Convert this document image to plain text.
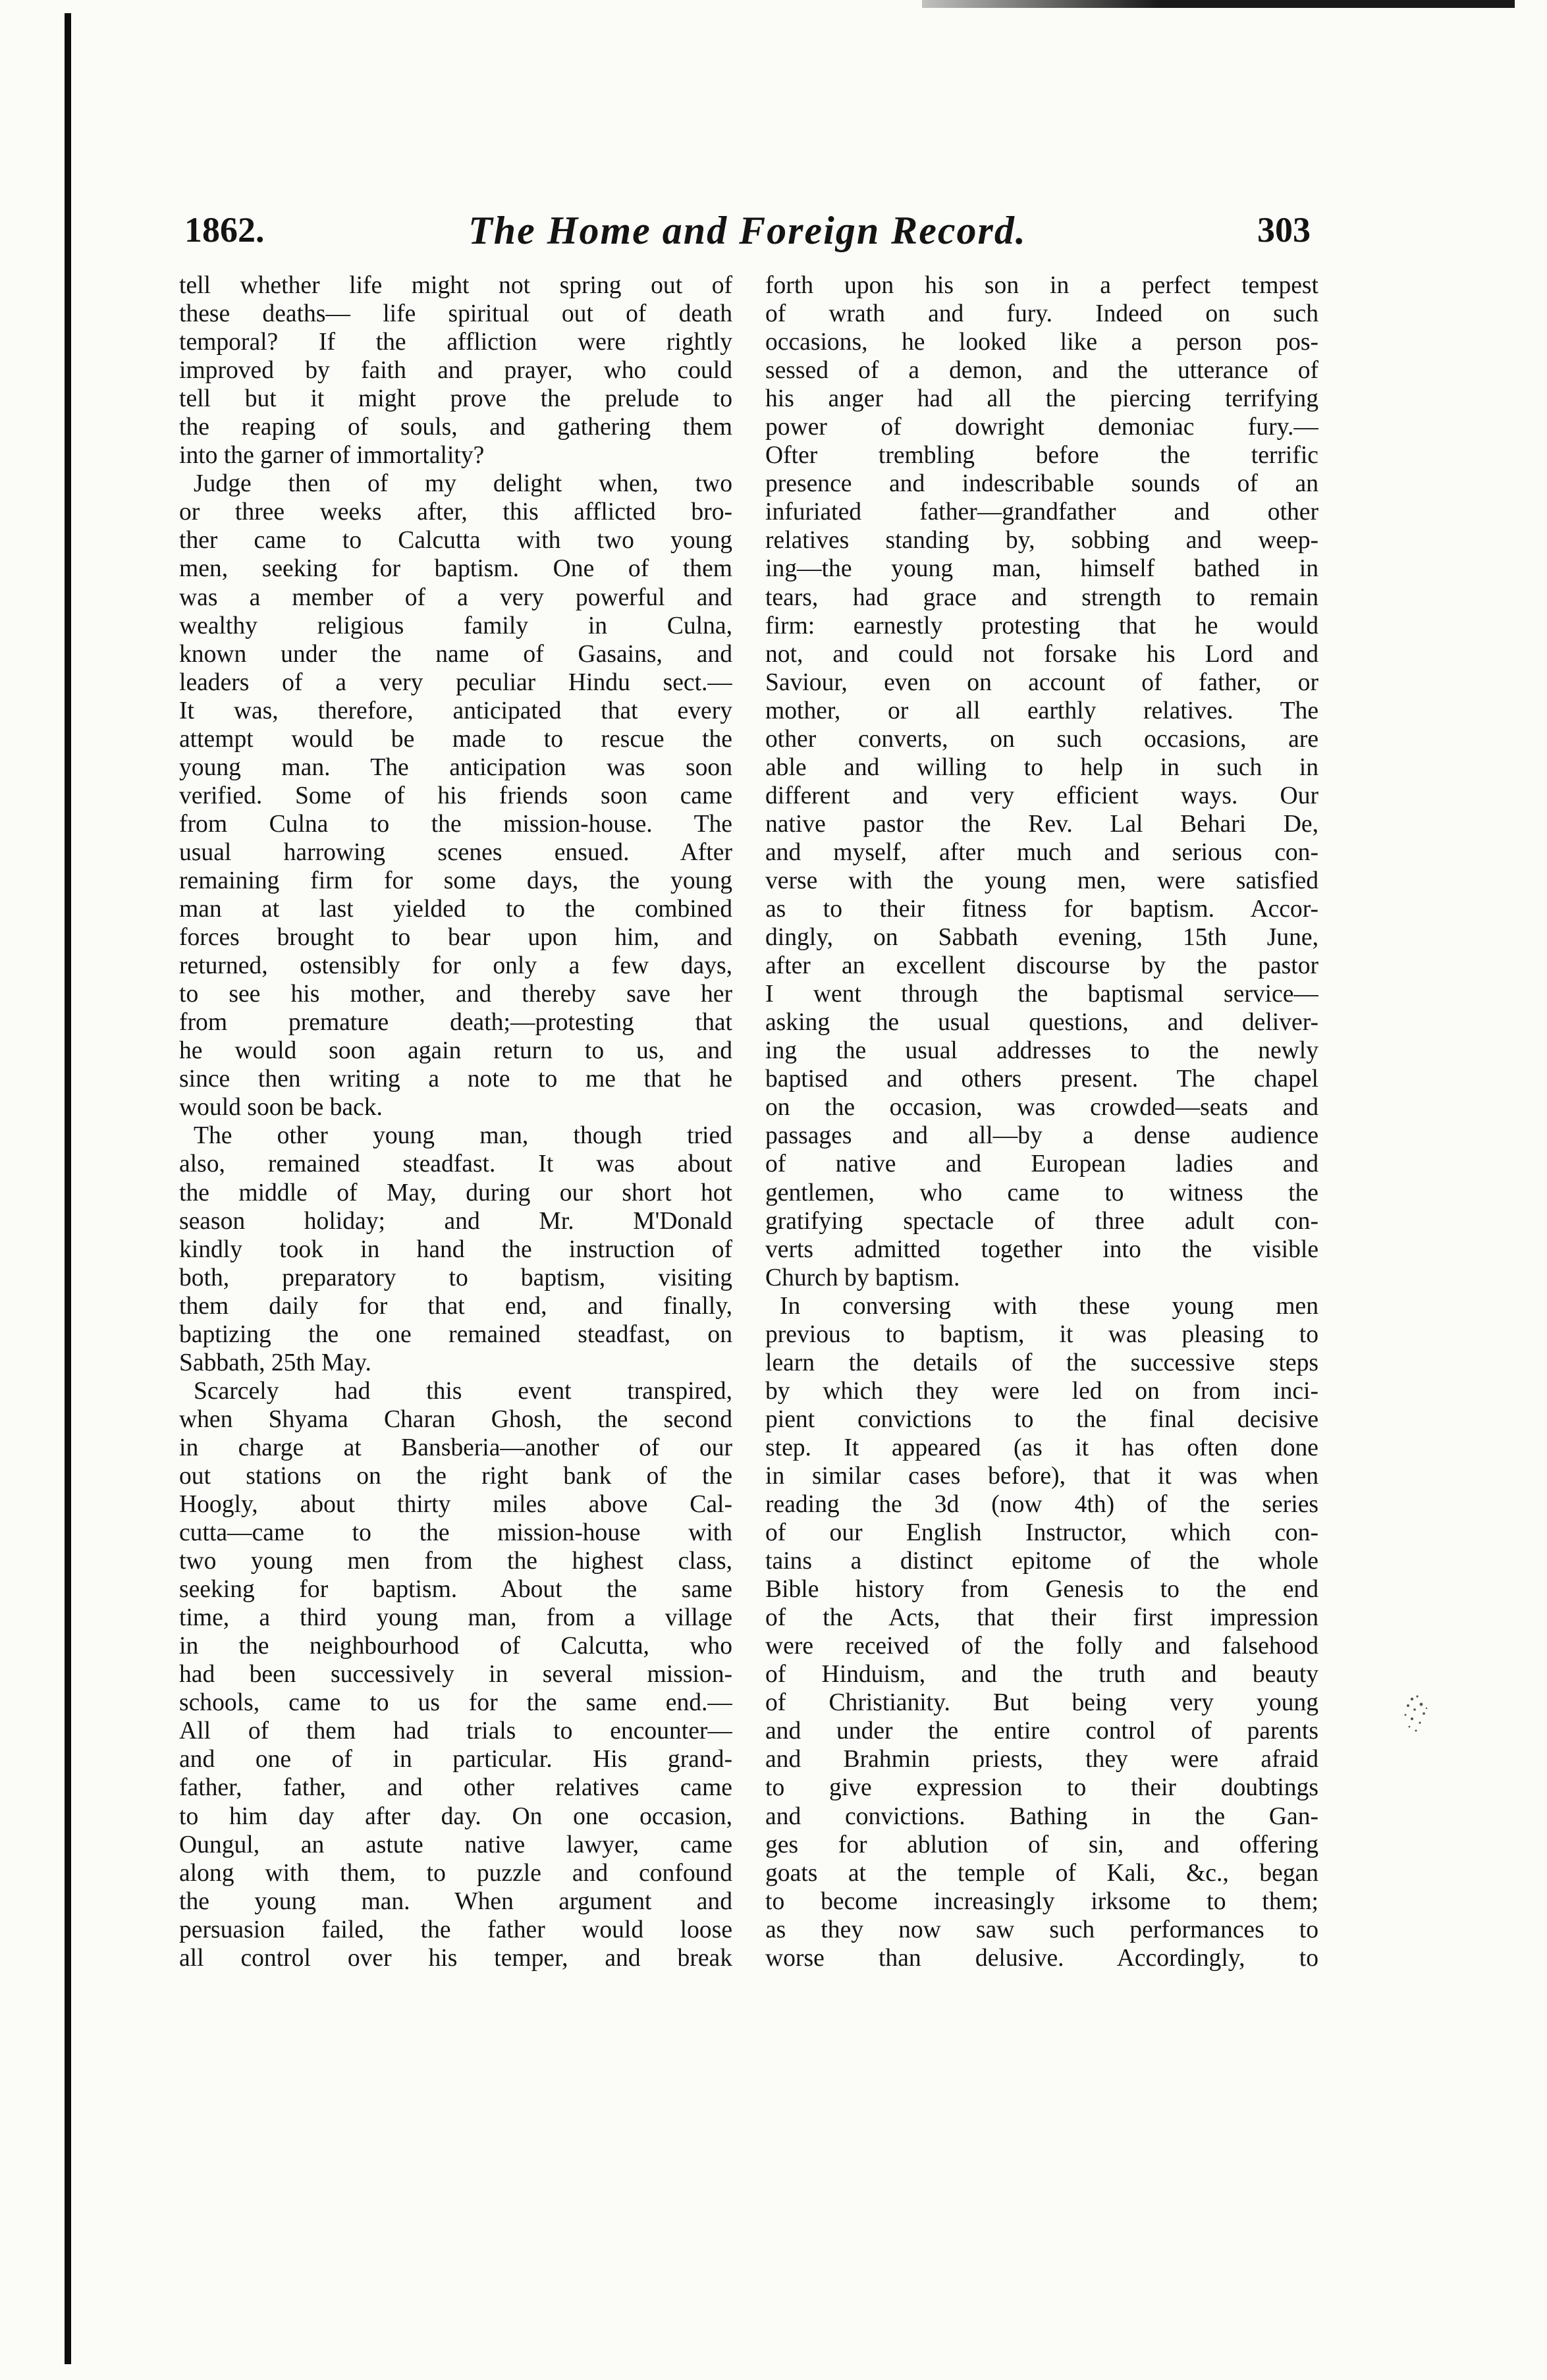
1862.	The Home and Foreign Record.	303
tell whether life might not spring out of
these deaths— life spiritual out of death
temporal? If the affliction were rightly
improved by faith and prayer, who could
tell but it might prove the prelude to
the reaping of souls, and gathering them
into the garner of immortality?
Judge then of my delight when, two
or three weeks after, this afflicted bro-
ther came to Calcutta with two young
men, seeking for baptism. One of them
was a member of a very powerful and
wealthy religious family in Culna,
known under the name of Gasains, and
leaders of a very peculiar Hindu sect.—
It was, therefore, anticipated that every
attempt would be made to rescue the
young man. The anticipation was soon
verified. Some of his friends soon came
from Culna to the mission-house. The
usual harrowing scenes ensued. After
remaining firm for some days, the young
man at last yielded to the combined
forces brought to bear upon him, and
returned, ostensibly for only a few days,
to see his mother, and thereby save her
from premature death;—protesting that
he would soon again return to us, and
since then writing a note to me that he
would soon be back.
The other young man, though tried
also, remained steadfast. It was about
the middle of May, during our short hot
season holiday; and Mr. M'Donald
kindly took in hand the instruction of
both, preparatory to baptism, visiting
them daily for that end, and finally,
baptizing the one remained steadfast, on
Sabbath, 25th May.
Scarcely had this event transpired,
when Shyama Charan Ghosh, the second
in charge at Bansberia—another of our
out stations on the right bank of the
Hoogly, about thirty miles above Cal-
cutta—came to the mission-house with
two young men from the highest class,
seeking for baptism. About the same
time, a third young man, from a village
in the neighbourhood of Calcutta, who
had been successively in several mission-
schools, came to us for the same end.—
All of them had trials to encounter—
and one of in particular. His grand-
father, father, and other relatives came
to him day after day. On one occasion,
Oungul, an astute native lawyer, came
along with them, to puzzle and confound
the young man. When argument and
persuasion failed, the father would loose
all control over his temper, and break
forth upon his son in a perfect tempest
of wrath and fury. Indeed on such
occasions, he looked like a person pos-
sessed of a demon, and the utterance of
his anger had all the piercing terrifying
power of dowright demoniac fury.—
Ofter trembling before the terrific
presence and indescribable sounds of an
infuriated father—grandfather and other
relatives standing by, sobbing and weep-
ing—the young man, himself bathed in
tears, had grace and strength to remain
firm: earnestly protesting that he would
not, and could not forsake his Lord and
Saviour, even on account of father, or
mother, or all earthly relatives. The
other converts, on such occasions, are
able and willing to help in such in
different and very efficient ways. Our
native pastor the Rev. Lal Behari De,
and myself, after much and serious con-
verse with the young men, were satisfied
as to their fitness for baptism. Accor-
dingly, on Sabbath evening, 15th June,
after an excellent discourse by the pastor
I went through the baptismal service—
asking the usual questions, and deliver-
ing the usual addresses to the newly
baptised and others present. The chapel
on the occasion, was crowded—seats and
passages and all—by a dense audience
of native and European ladies and
gentlemen, who came to witness the
gratifying spectacle of three adult con-
verts admitted together into the visible
Church by baptism.
In conversing with these young men
previous to baptism, it was pleasing to
learn the details of the successive steps
by which they were led on from inci-
pient convictions to the final decisive
step. It appeared (as it has often done
in similar cases before), that it was when
reading the 3d (now 4th) of the series
of our English Instructor, which con-
tains a distinct epitome of the whole
Bible history from Genesis to the end
of the Acts, that their first impression
were received of the folly and falsehood
of Hinduism, and the truth and beauty
of Christianity. But being very young
and under the entire control of parents
and Brahmin priests, they were afraid
to give expression to their doubtings
and convictions. Bathing in the Gan-
ges for ablution of sin, and offering
goats at the temple of Kali, &c., began
to become increasingly irksome to them;
as they now saw such performances to
worse than delusive. Accordingly, to
